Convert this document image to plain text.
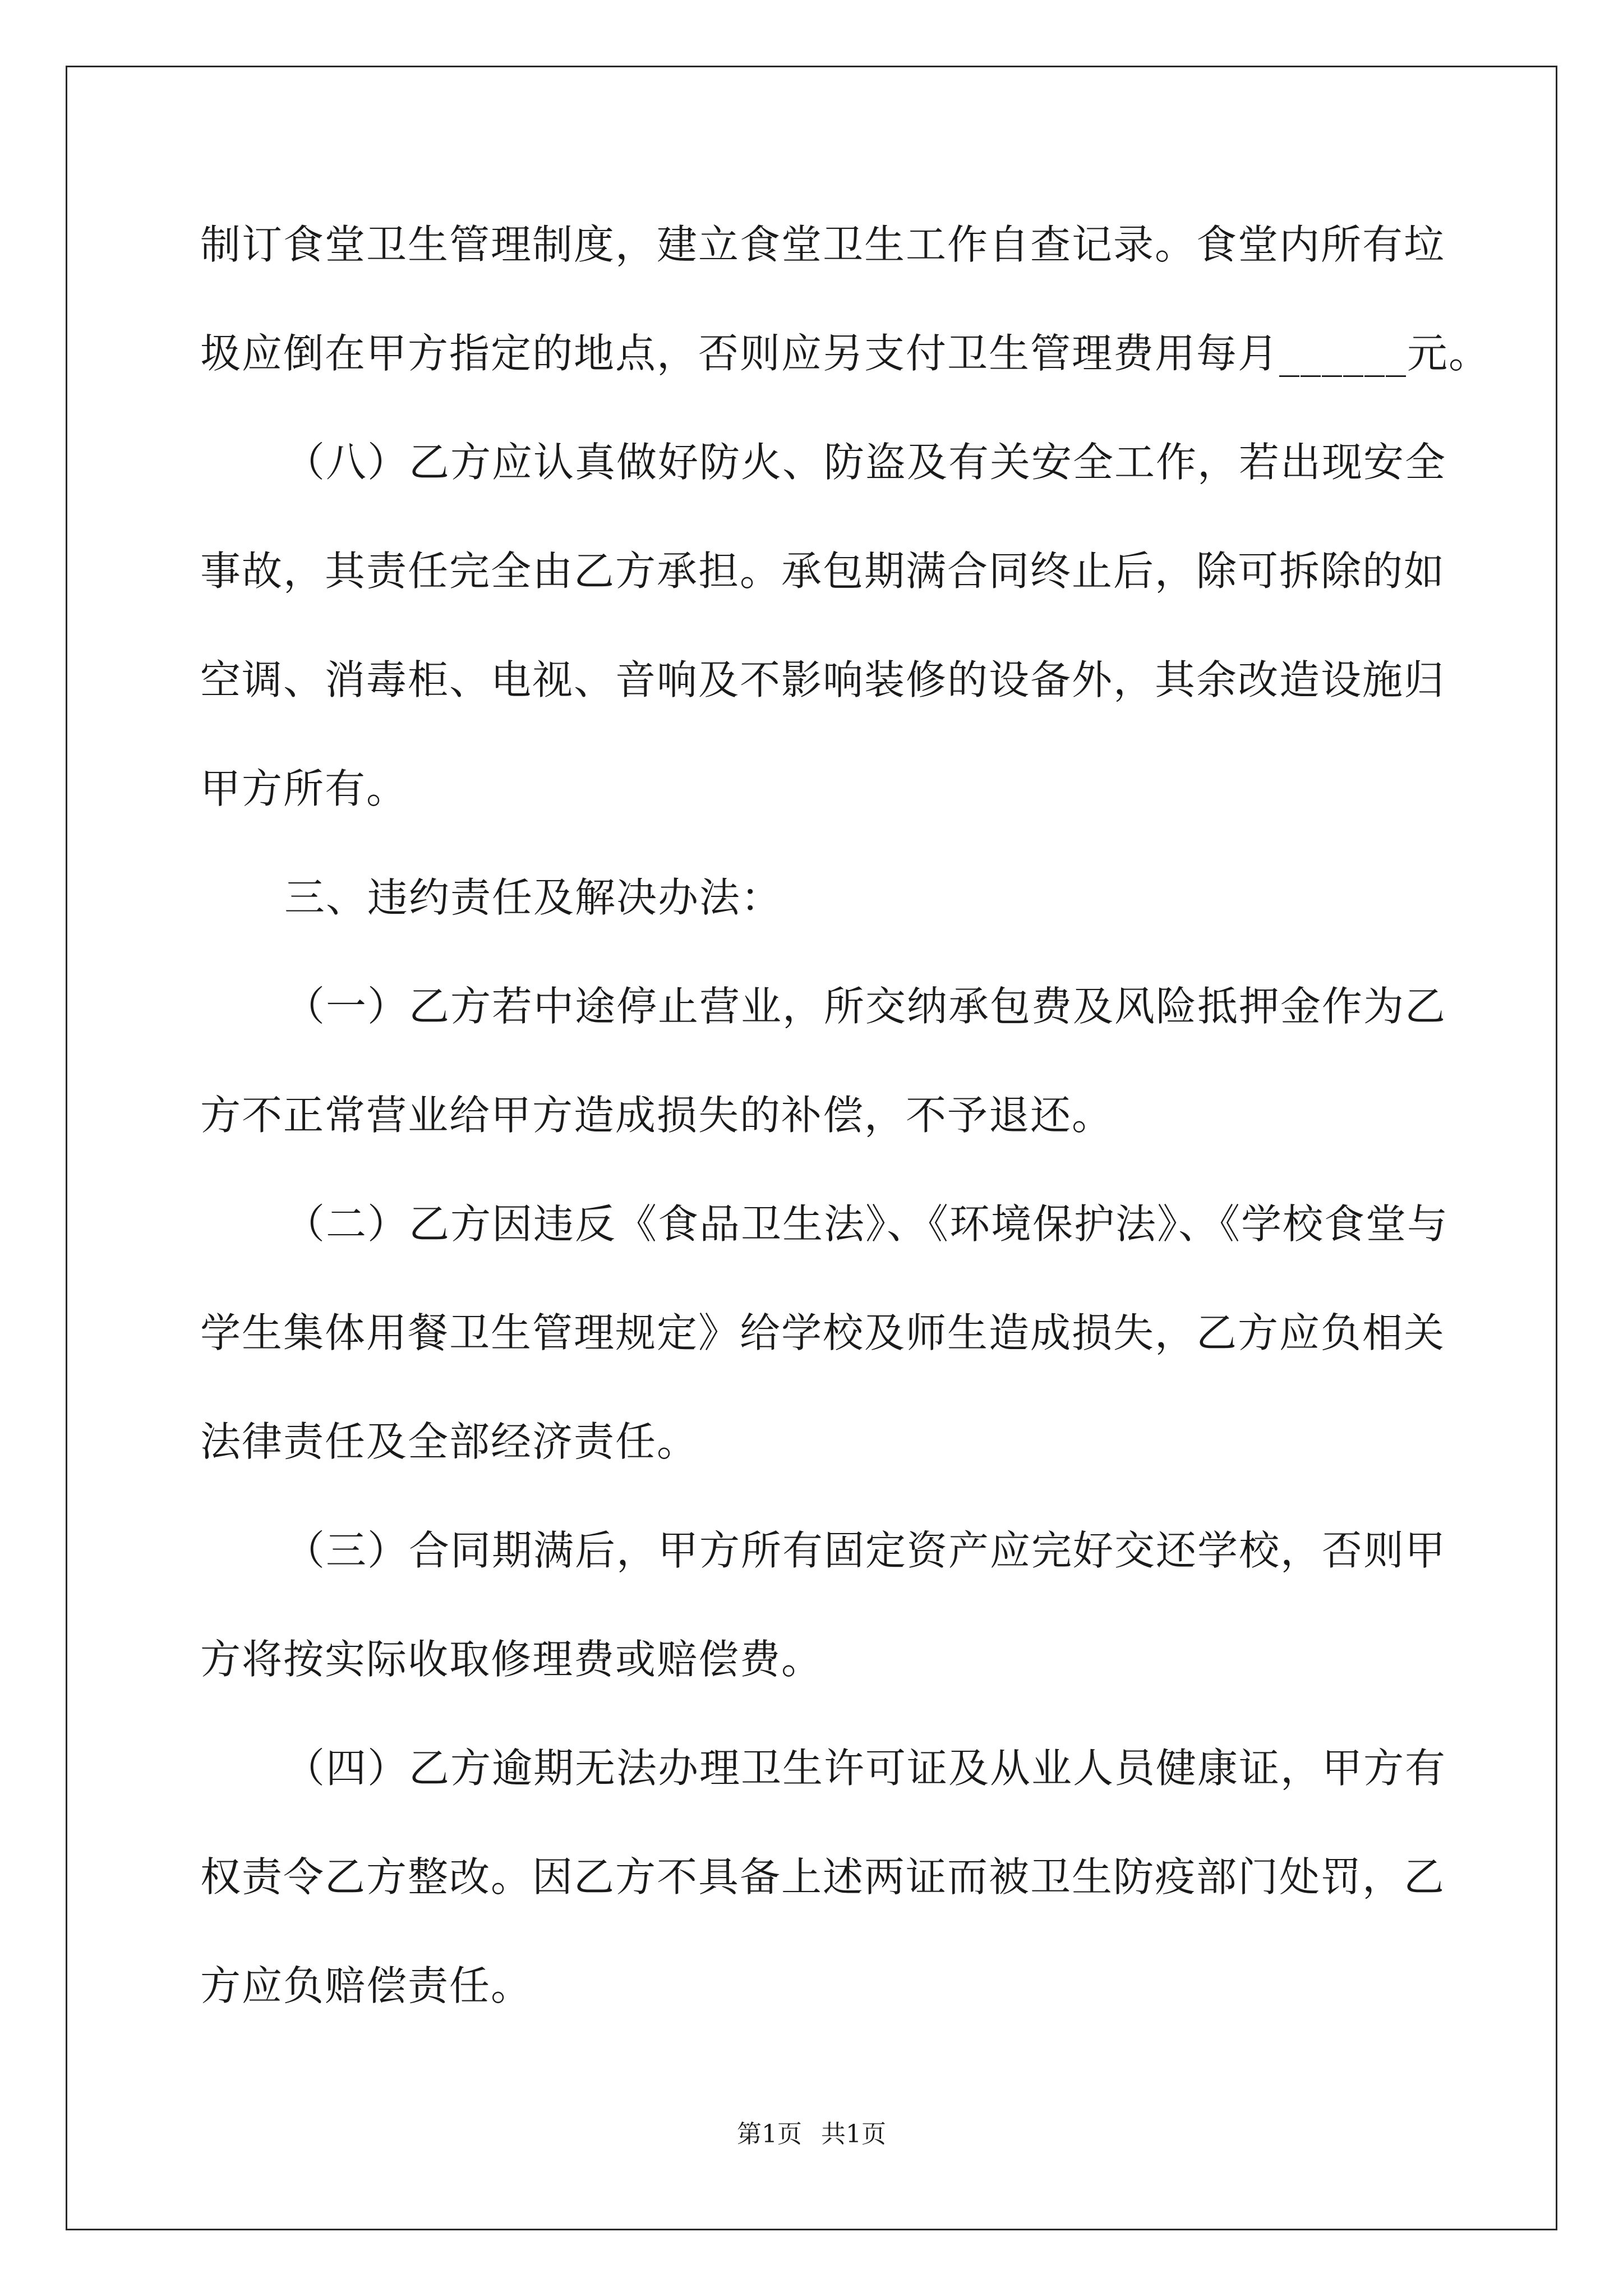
制订食堂卫生管理制度，建立食堂卫生工作自查记录。食堂内所有垃
圾应倒在甲方指定的地点，否则应另支付卫生管理费用每月______元。
（八）乙方应认真做好防火、防盗及有关安全工作，若出现安全
事故，其责任完全由乙方承担。承包期满合同终止后，除可拆除的如
空调、消毒柜、电视、音响及不影响装修的设备外，其余改造设施归
甲方所有。
三、违约责任及解决办法：
（一）乙方若中途停止营业，所交纳承包费及风险抵押金作为乙
方不正常营业给甲方造成损失的补偿，不予退还。
（二）乙方因违反《食品卫生法》、《环境保护法》、《学校食堂与
学生集体用餐卫生管理规定》给学校及师生造成损失，乙方应负相关
法律责任及全部经济责任。
（三）合同期满后，甲方所有固定资产应完好交还学校，否则甲
方将按实际收取修理费或赔偿费。
（四）乙方逾期无法办理卫生许可证及从业人员健康证，甲方有
权责令乙方整改。因乙方不具备上述两证而被卫生防疫部门处罚，乙
方应负赔偿责任。
第1页 共1页
